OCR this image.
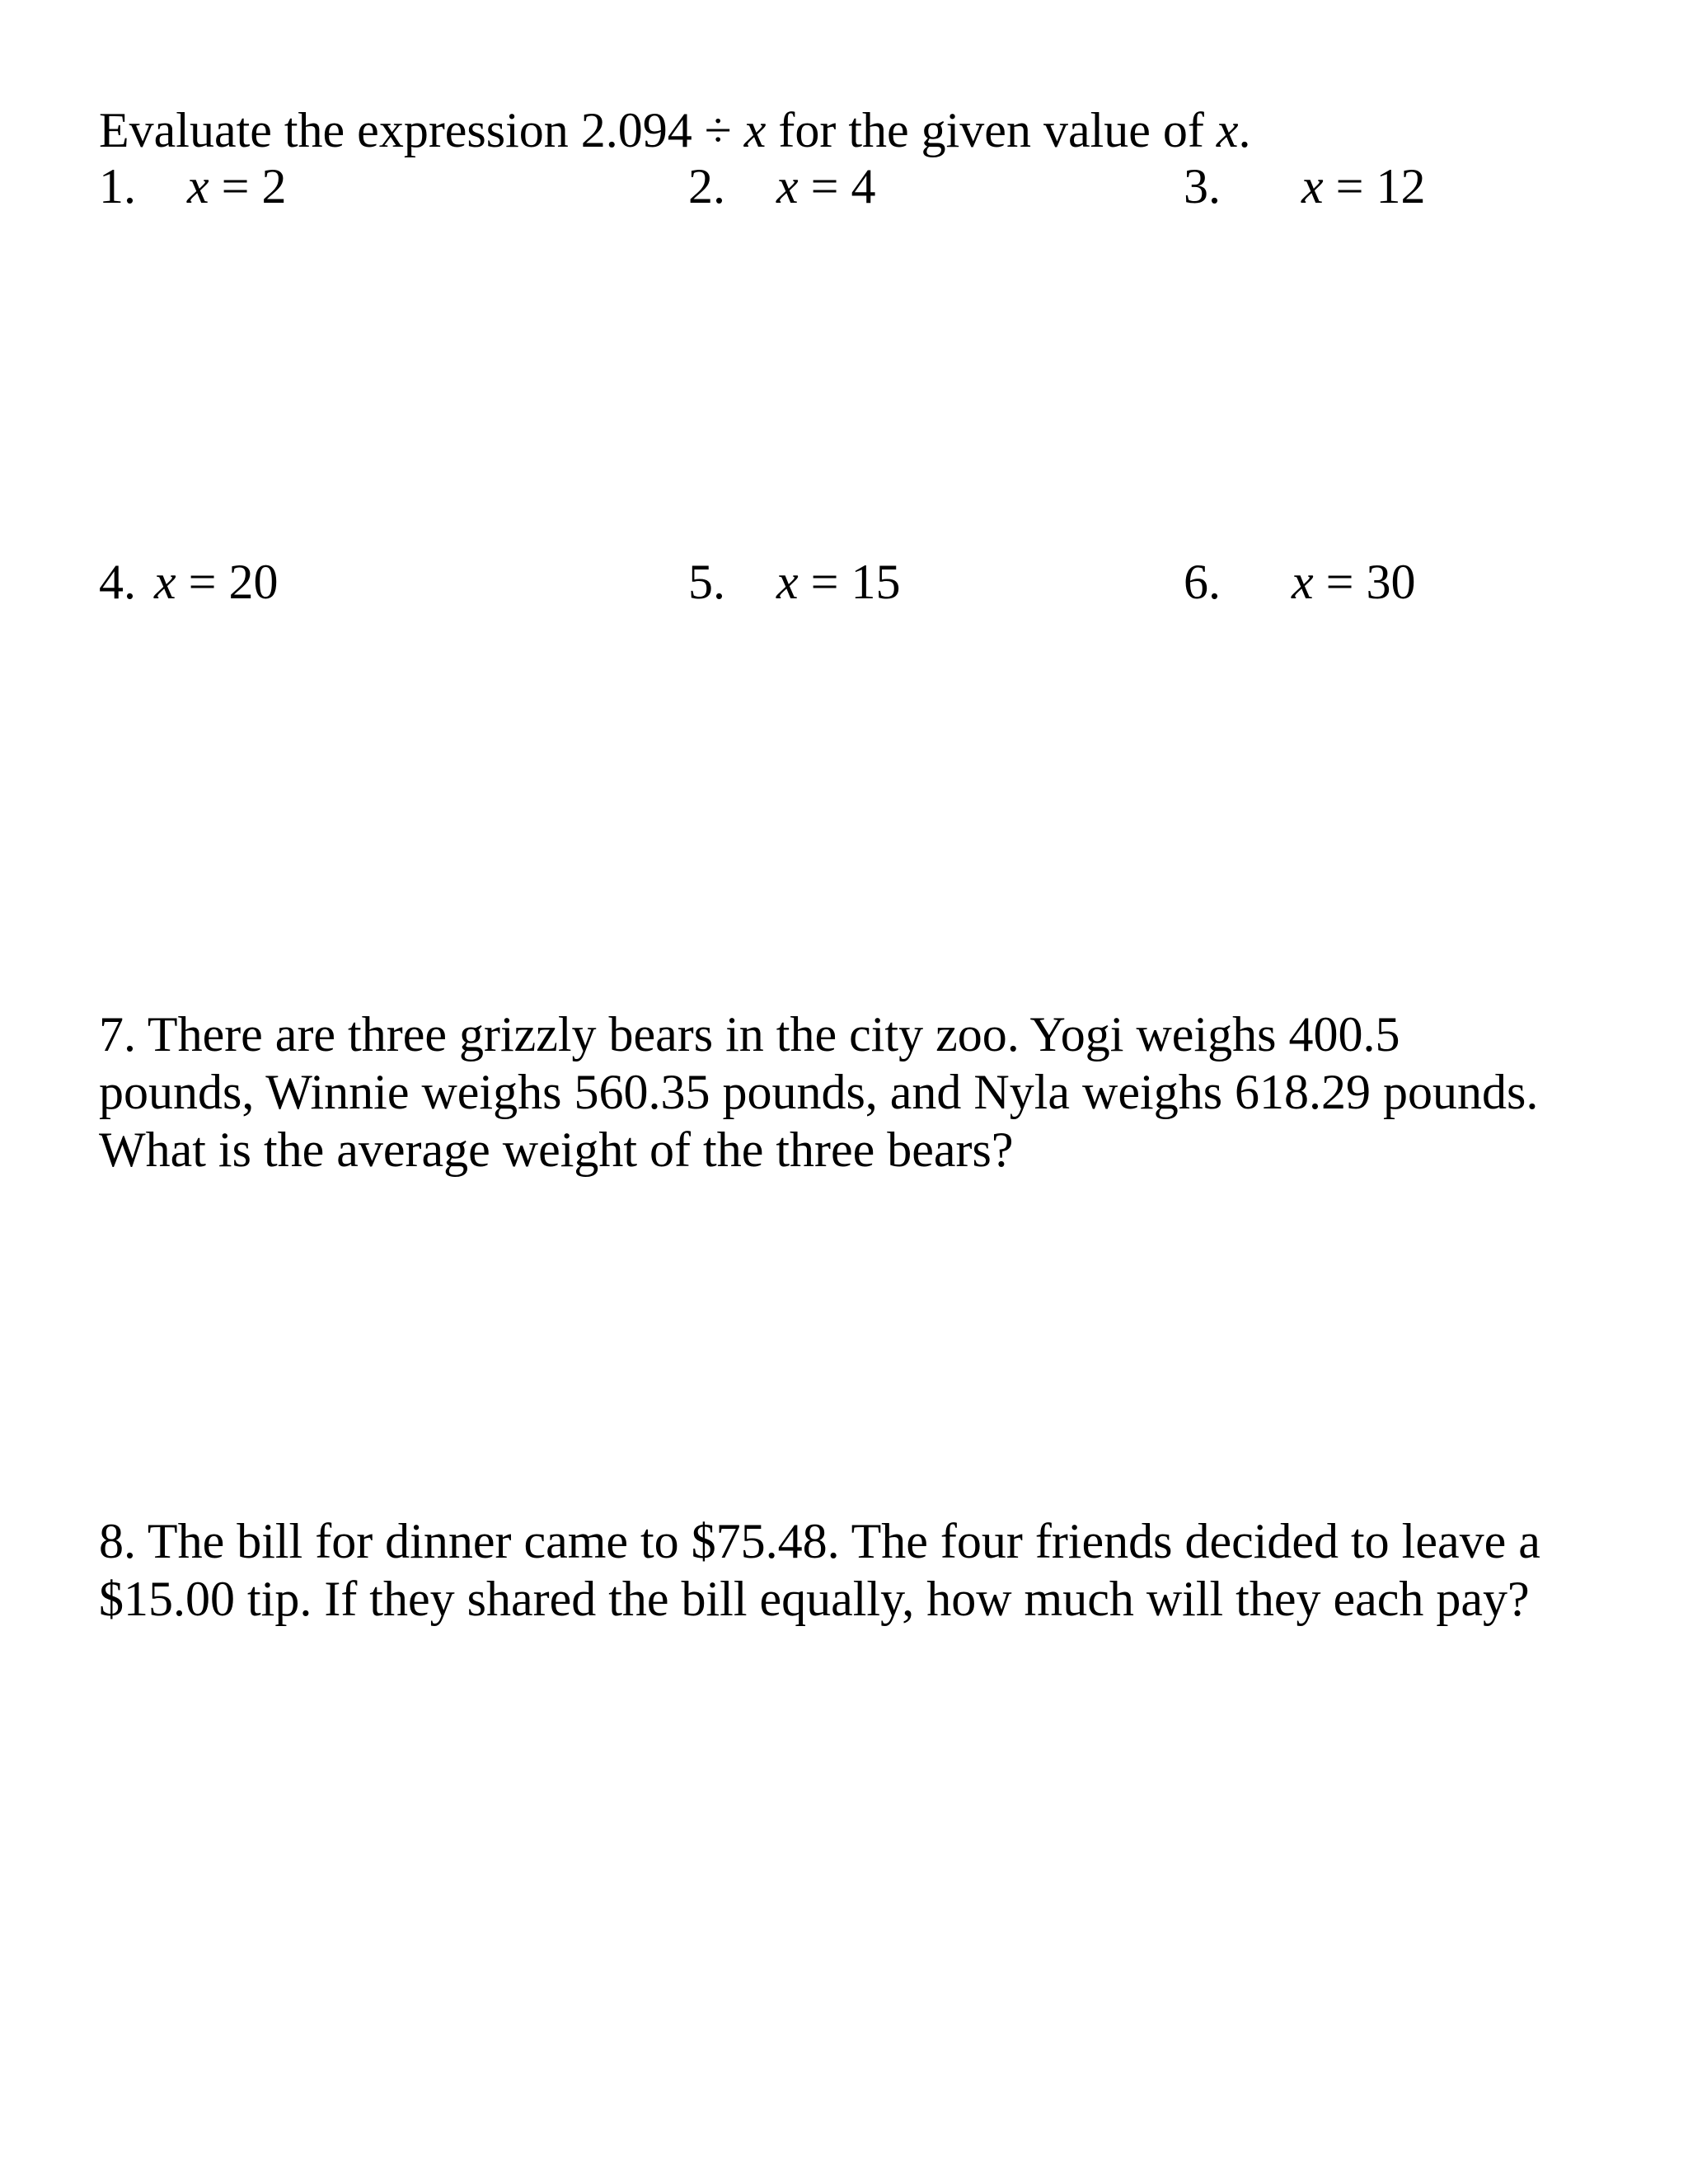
Evaluate the expression 2.094 ÷ x for the given value of x.
1. x = 2	2. x = 4	3. x = 12
4. x = 20	5. x = 15	6. x = 30

7. There are three grizzly bears in the city zoo. Yogi weighs 400.5

pounds, Winnie weighs 560.35 pounds, and Nyla weighs 618.29 pounds.

What is the average weight of the three bears?

8. The bill for dinner came to $75.48. The four friends decided to leave a

$15.00 tip. If they shared the bill equally, how much will they each pay?
